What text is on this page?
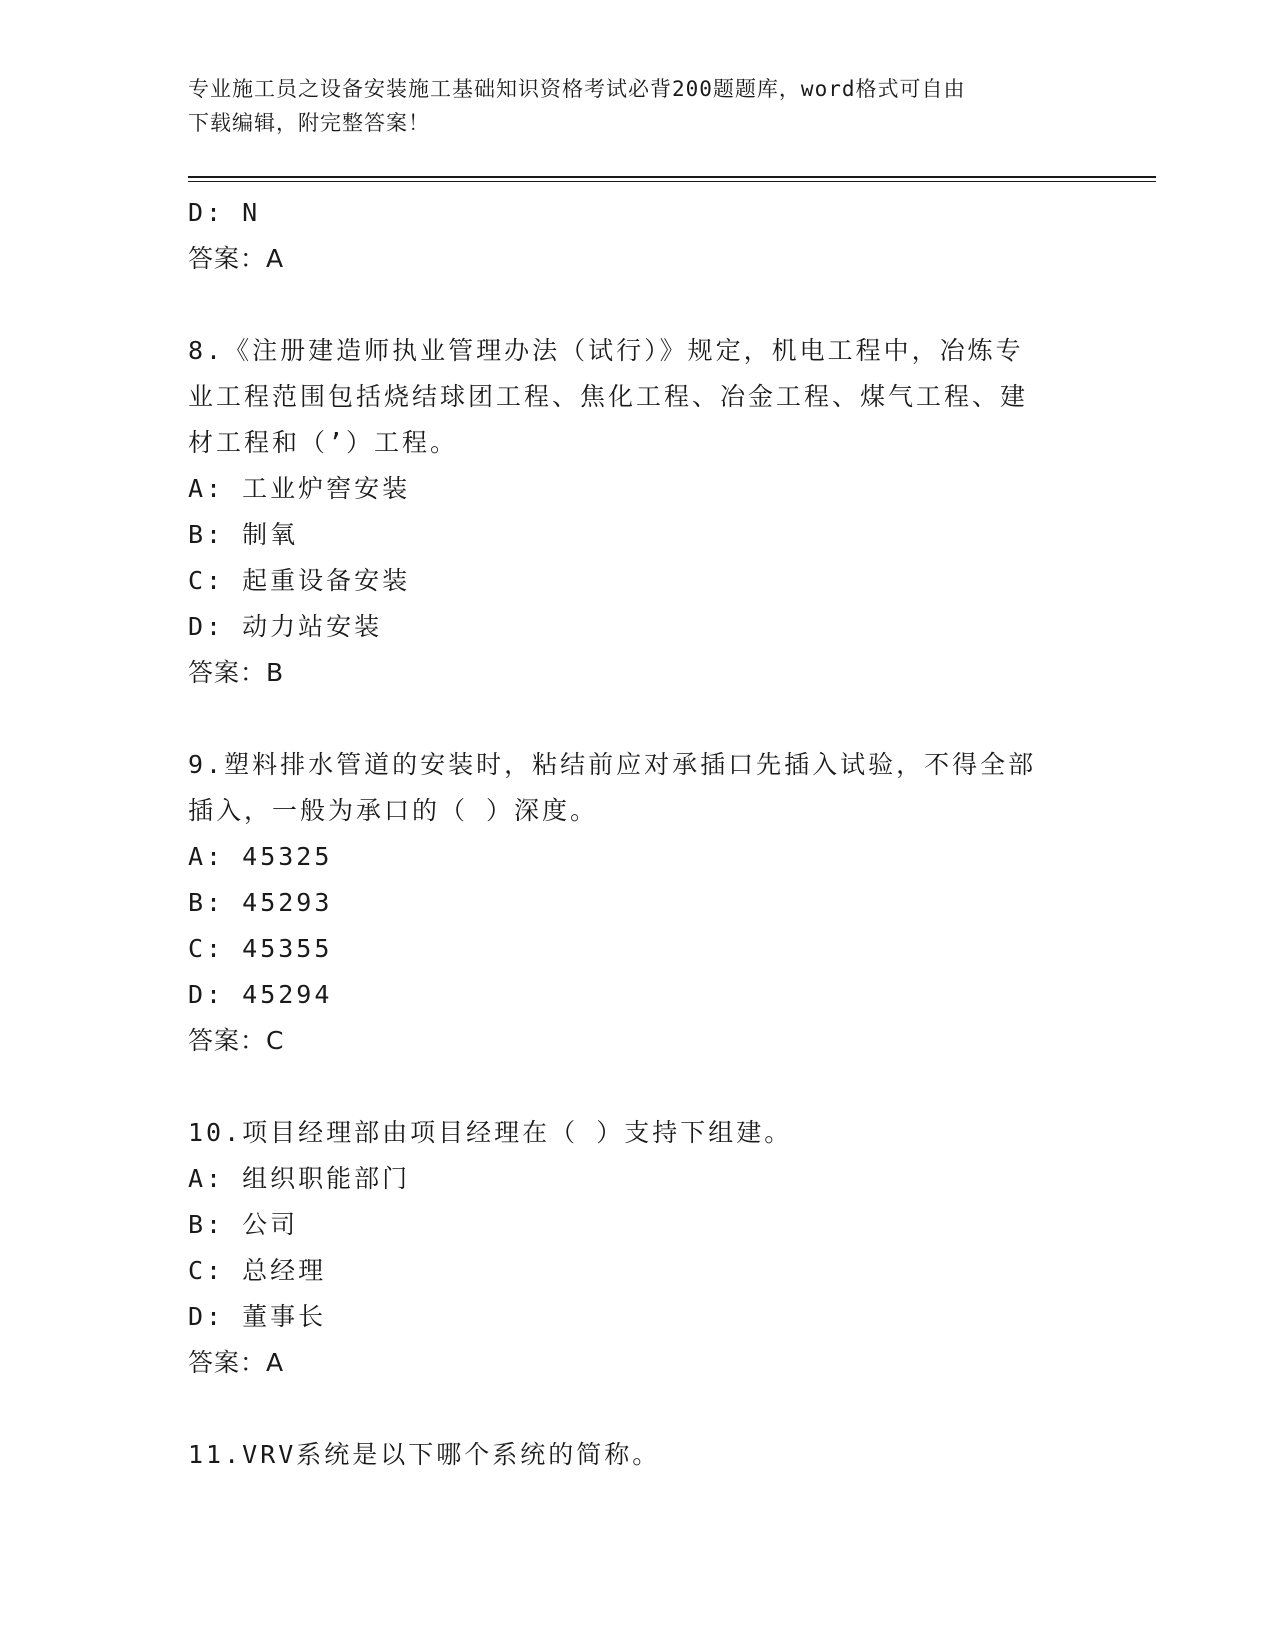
专业施工员之设备安装施工基础知识资格考试必背200题题库，word格式可自由
下载编辑，附完整答案！
D: N
答案：A
8.《注册建造师执业管理办法（试行）》规定，机电工程中，冶炼专
业工程范围包括烧结球团工程、焦化工程、冶金工程、煤气工程、建
材工程和（’）工程。
A: 工业炉窖安装
B: 制氧
C: 起重设备安装
D: 动力站安装
答案：B
9.塑料排水管道的安装时，粘结前应对承插口先插入试验，不得全部
插入，一般为承口的（ ）深度。
A: 45325
B: 45293
C: 45355
D: 45294
答案：C
10.项目经理部由项目经理在（ ）支持下组建。
A: 组织职能部门
B: 公司
C: 总经理
D: 董事长
答案：A
11.VRV系统是以下哪个系统的简称。
